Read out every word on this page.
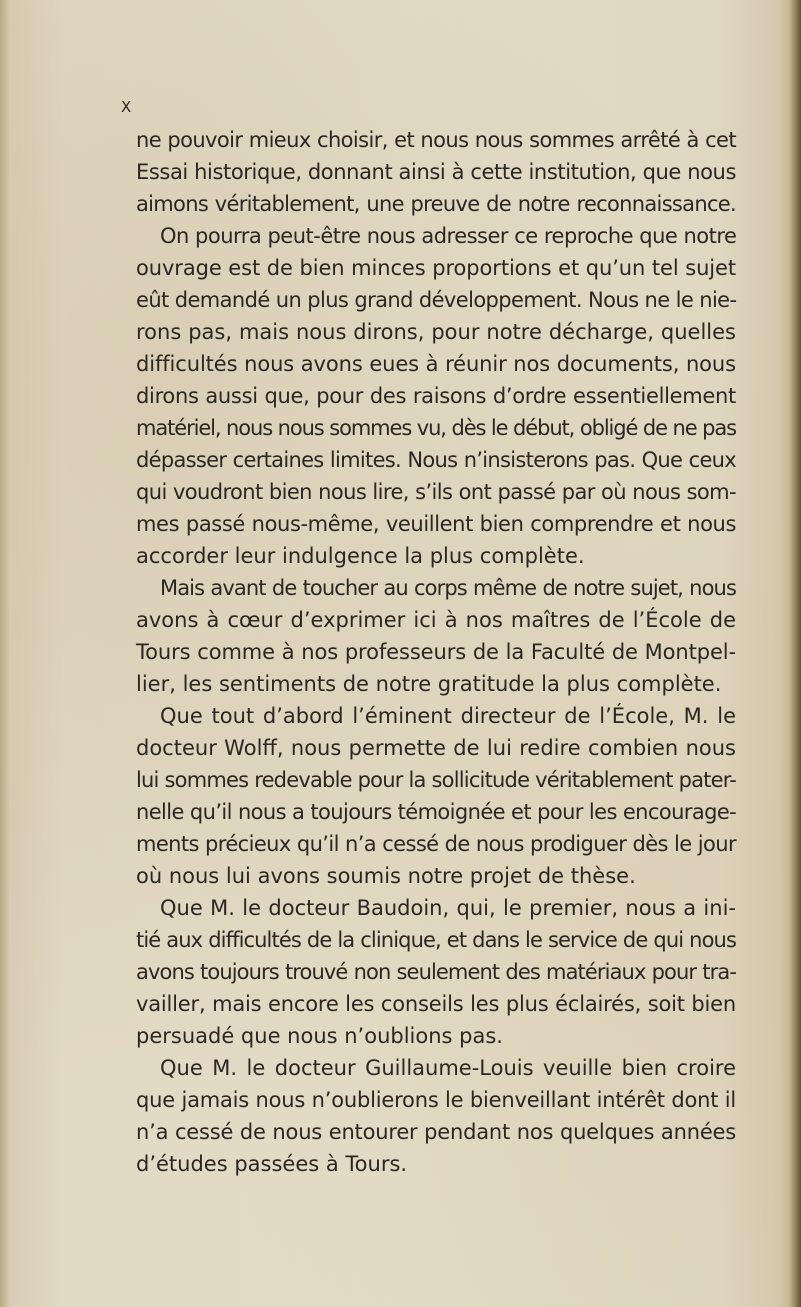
X
ne pouvoir mieux choisir, et nous nous sommes arrêté à cet
Essai historique, donnant ainsi à cette institution, que nous
aimons véritablement, une preuve de notre reconnaissance.
On pourra peut-être nous adresser ce reproche que notre
ouvrage est de bien minces proportions et qu’un tel sujet
eût demandé un plus grand développement. Nous ne le nie-
rons pas, mais nous dirons, pour notre décharge, quelles
difficultés nous avons eues à réunir nos documents, nous
dirons aussi que, pour des raisons d’ordre essentiellement
matériel, nous nous sommes vu, dès le début, obligé de ne pas
dépasser certaines limites. Nous n’insisterons pas. Que ceux
qui voudront bien nous lire, s’ils ont passé par où nous som-
mes passé nous-même, veuillent bien comprendre et nous
accorder leur indulgence la plus complète.
Mais avant de toucher au corps même de notre sujet, nous
avons à cœur d’exprimer ici à nos maîtres de l’École de
Tours comme à nos professeurs de la Faculté de Montpel-
lier, les sentiments de notre gratitude la plus complète.
Que tout d’abord l’éminent directeur de l’École, M. le
docteur Wolff, nous permette de lui redire combien nous
lui sommes redevable pour la sollicitude véritablement pater-
nelle qu’il nous a toujours témoignée et pour les encourage-
ments précieux qu’il n’a cessé de nous prodiguer dès le jour
où nous lui avons soumis notre projet de thèse.
Que M. le docteur Baudoin, qui, le premier, nous a ini-
tié aux difficultés de la clinique, et dans le service de qui nous
avons toujours trouvé non seulement des matériaux pour tra-
vailler, mais encore les conseils les plus éclairés, soit bien
persuadé que nous n’oublions pas.
Que M. le docteur Guillaume-Louis veuille bien croire
que jamais nous n’oublierons le bienveillant intérêt dont il
n’a cessé de nous entourer pendant nos quelques années
d’études passées à Tours.
